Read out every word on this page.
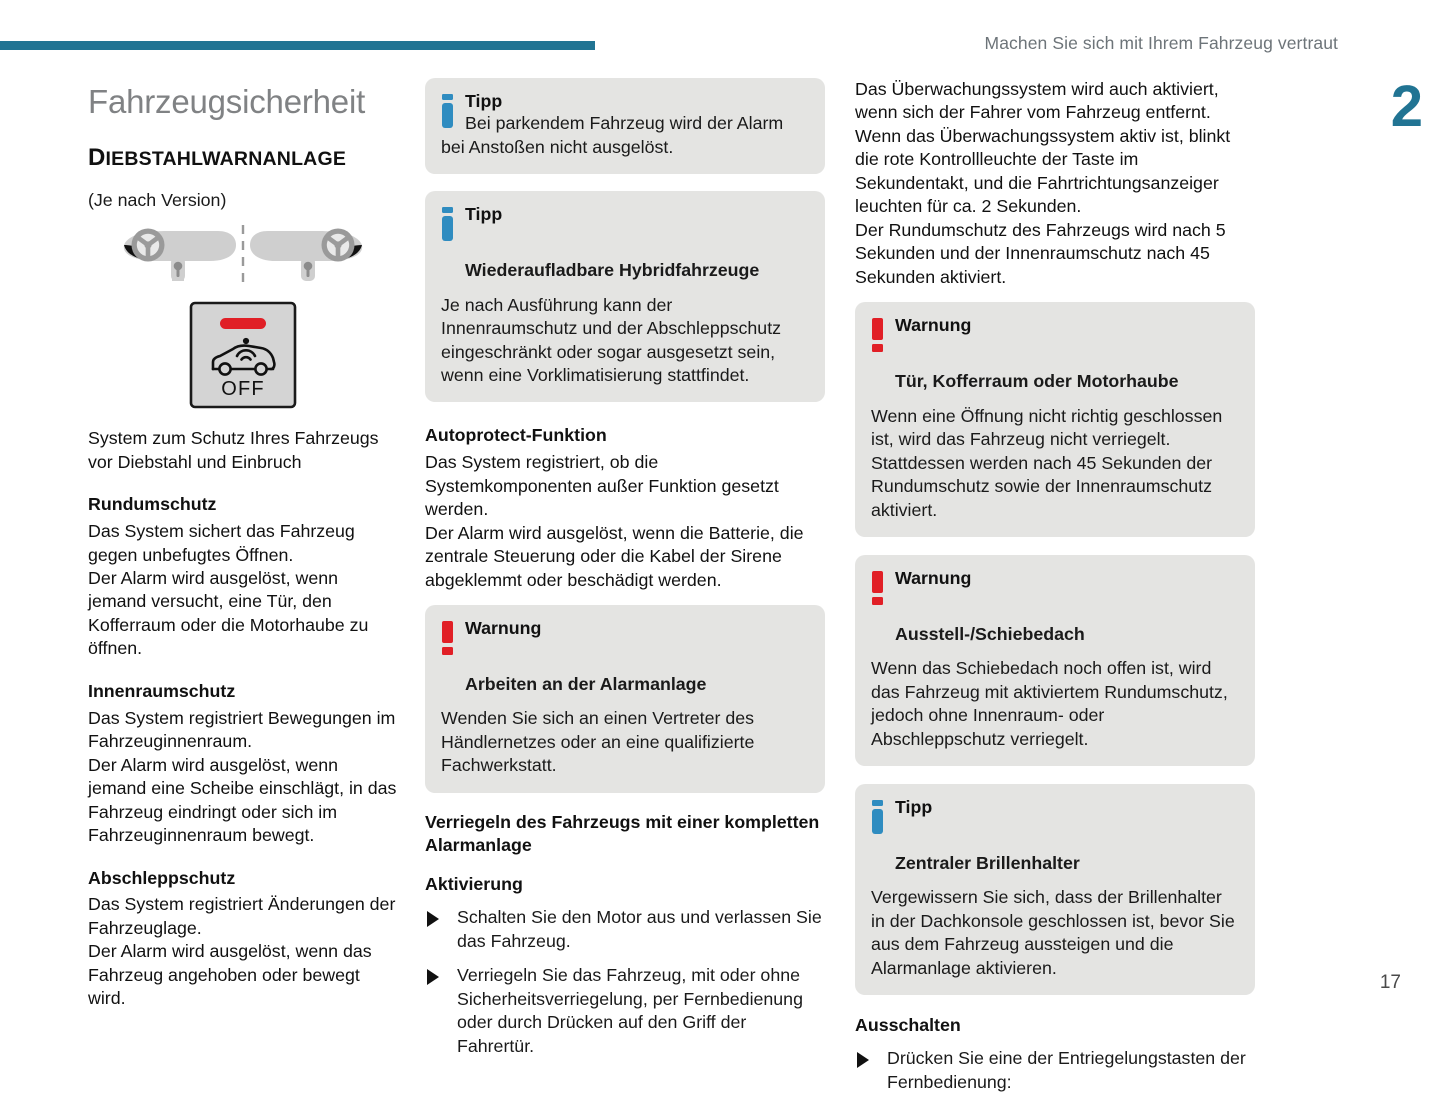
Machen Sie sich mit Ihrem Fahrzeug vertraut
2
17
Fahrzeugsicherheit
DIEBSTAHLWARNANLAGE
(Je nach Version)
OFF

System zum Schutz Ihres Fahrzeugs vor Diebstahl und Einbruch

Rundumschutz

Das System sichert das Fahrzeug gegen unbefugtes Öffnen.

Der Alarm wird ausgelöst, wenn jemand versucht, eine Tür, den Kofferraum oder die Motorhaube zu öffnen.

Innenraumschutz

Das System registriert Bewegungen im Fahrzeuginnenraum.

Der Alarm wird ausgelöst, wenn jemand eine Scheibe einschlägt, in das Fahrzeug eindringt oder sich im Fahrzeuginnenraum bewegt.

Abschleppschutz

Das System registriert Änderungen der Fahrzeuglage.

Der Alarm wird ausgelöst, wenn das Fahrzeug angehoben oder bewegt wird.

Tipp
Bei parkendem Fahrzeug wird der Alarm
bei Anstoßen nicht ausgelöst.
Tipp
Wiederaufladbare Hybridfahrzeuge
Je nach Ausführung kann der Innenraumschutz und der Abschleppschutz eingeschränkt oder sogar ausgesetzt sein, wenn eine Vorklimatisierung stattfindet.
Autoprotect-Funktion

Das System registriert, ob die Systemkomponenten außer Funktion gesetzt werden.

Der Alarm wird ausgelöst, wenn die Batterie, die zentrale Steuerung oder die Kabel der Sirene abgeklemmt oder beschädigt werden.

Warnung
Arbeiten an der Alarmanlage
Wenden Sie sich an einen Vertreter des Händlernetzes oder an eine qualifizierte Fachwerkstatt.
Verriegeln des Fahrzeugs mit einer kompletten Alarmanlage
Aktivierung
Schalten Sie den Motor aus und verlassen Sie das Fahrzeug.
Verriegeln Sie das Fahrzeug, mit oder ohne Sicherheitsverriegelung, per Fernbedienung oder durch Drücken auf den Griff der Fahrertür.

Das Überwachungssystem wird auch aktiviert, wenn sich der Fahrer vom Fahrzeug entfernt. Wenn das Überwachungssystem aktiv ist, blinkt die rote Kontrollleuchte der Taste im Sekundentakt, und die Fahrtrichtungsanzeiger leuchten für ca. 2 Sekunden.

Der Rundumschutz des Fahrzeugs wird nach 5 Sekunden und der Innenraumschutz nach 45 Sekunden aktiviert.

Warnung
Tür, Kofferraum oder Motorhaube
Wenn eine Öffnung nicht richtig geschlossen ist, wird das Fahrzeug nicht verriegelt. Stattdessen werden nach 45 Sekunden der Rundumschutz sowie der Innenraumschutz aktiviert.
Warnung
Ausstell-/Schiebedach
Wenn das Schiebedach noch offen ist, wird das Fahrzeug mit aktiviertem Rundumschutz, jedoch ohne Innenraum- oder Abschleppschutz verriegelt.
Tipp
Zentraler Brillenhalter
Vergewissern Sie sich, dass der Brillenhalter in der Dachkonsole geschlossen ist, bevor Sie aus dem Fahrzeug aussteigen und die Alarmanlage aktivieren.
Ausschalten
Drücken Sie eine der Entriegelungstasten der Fernbedienung:
